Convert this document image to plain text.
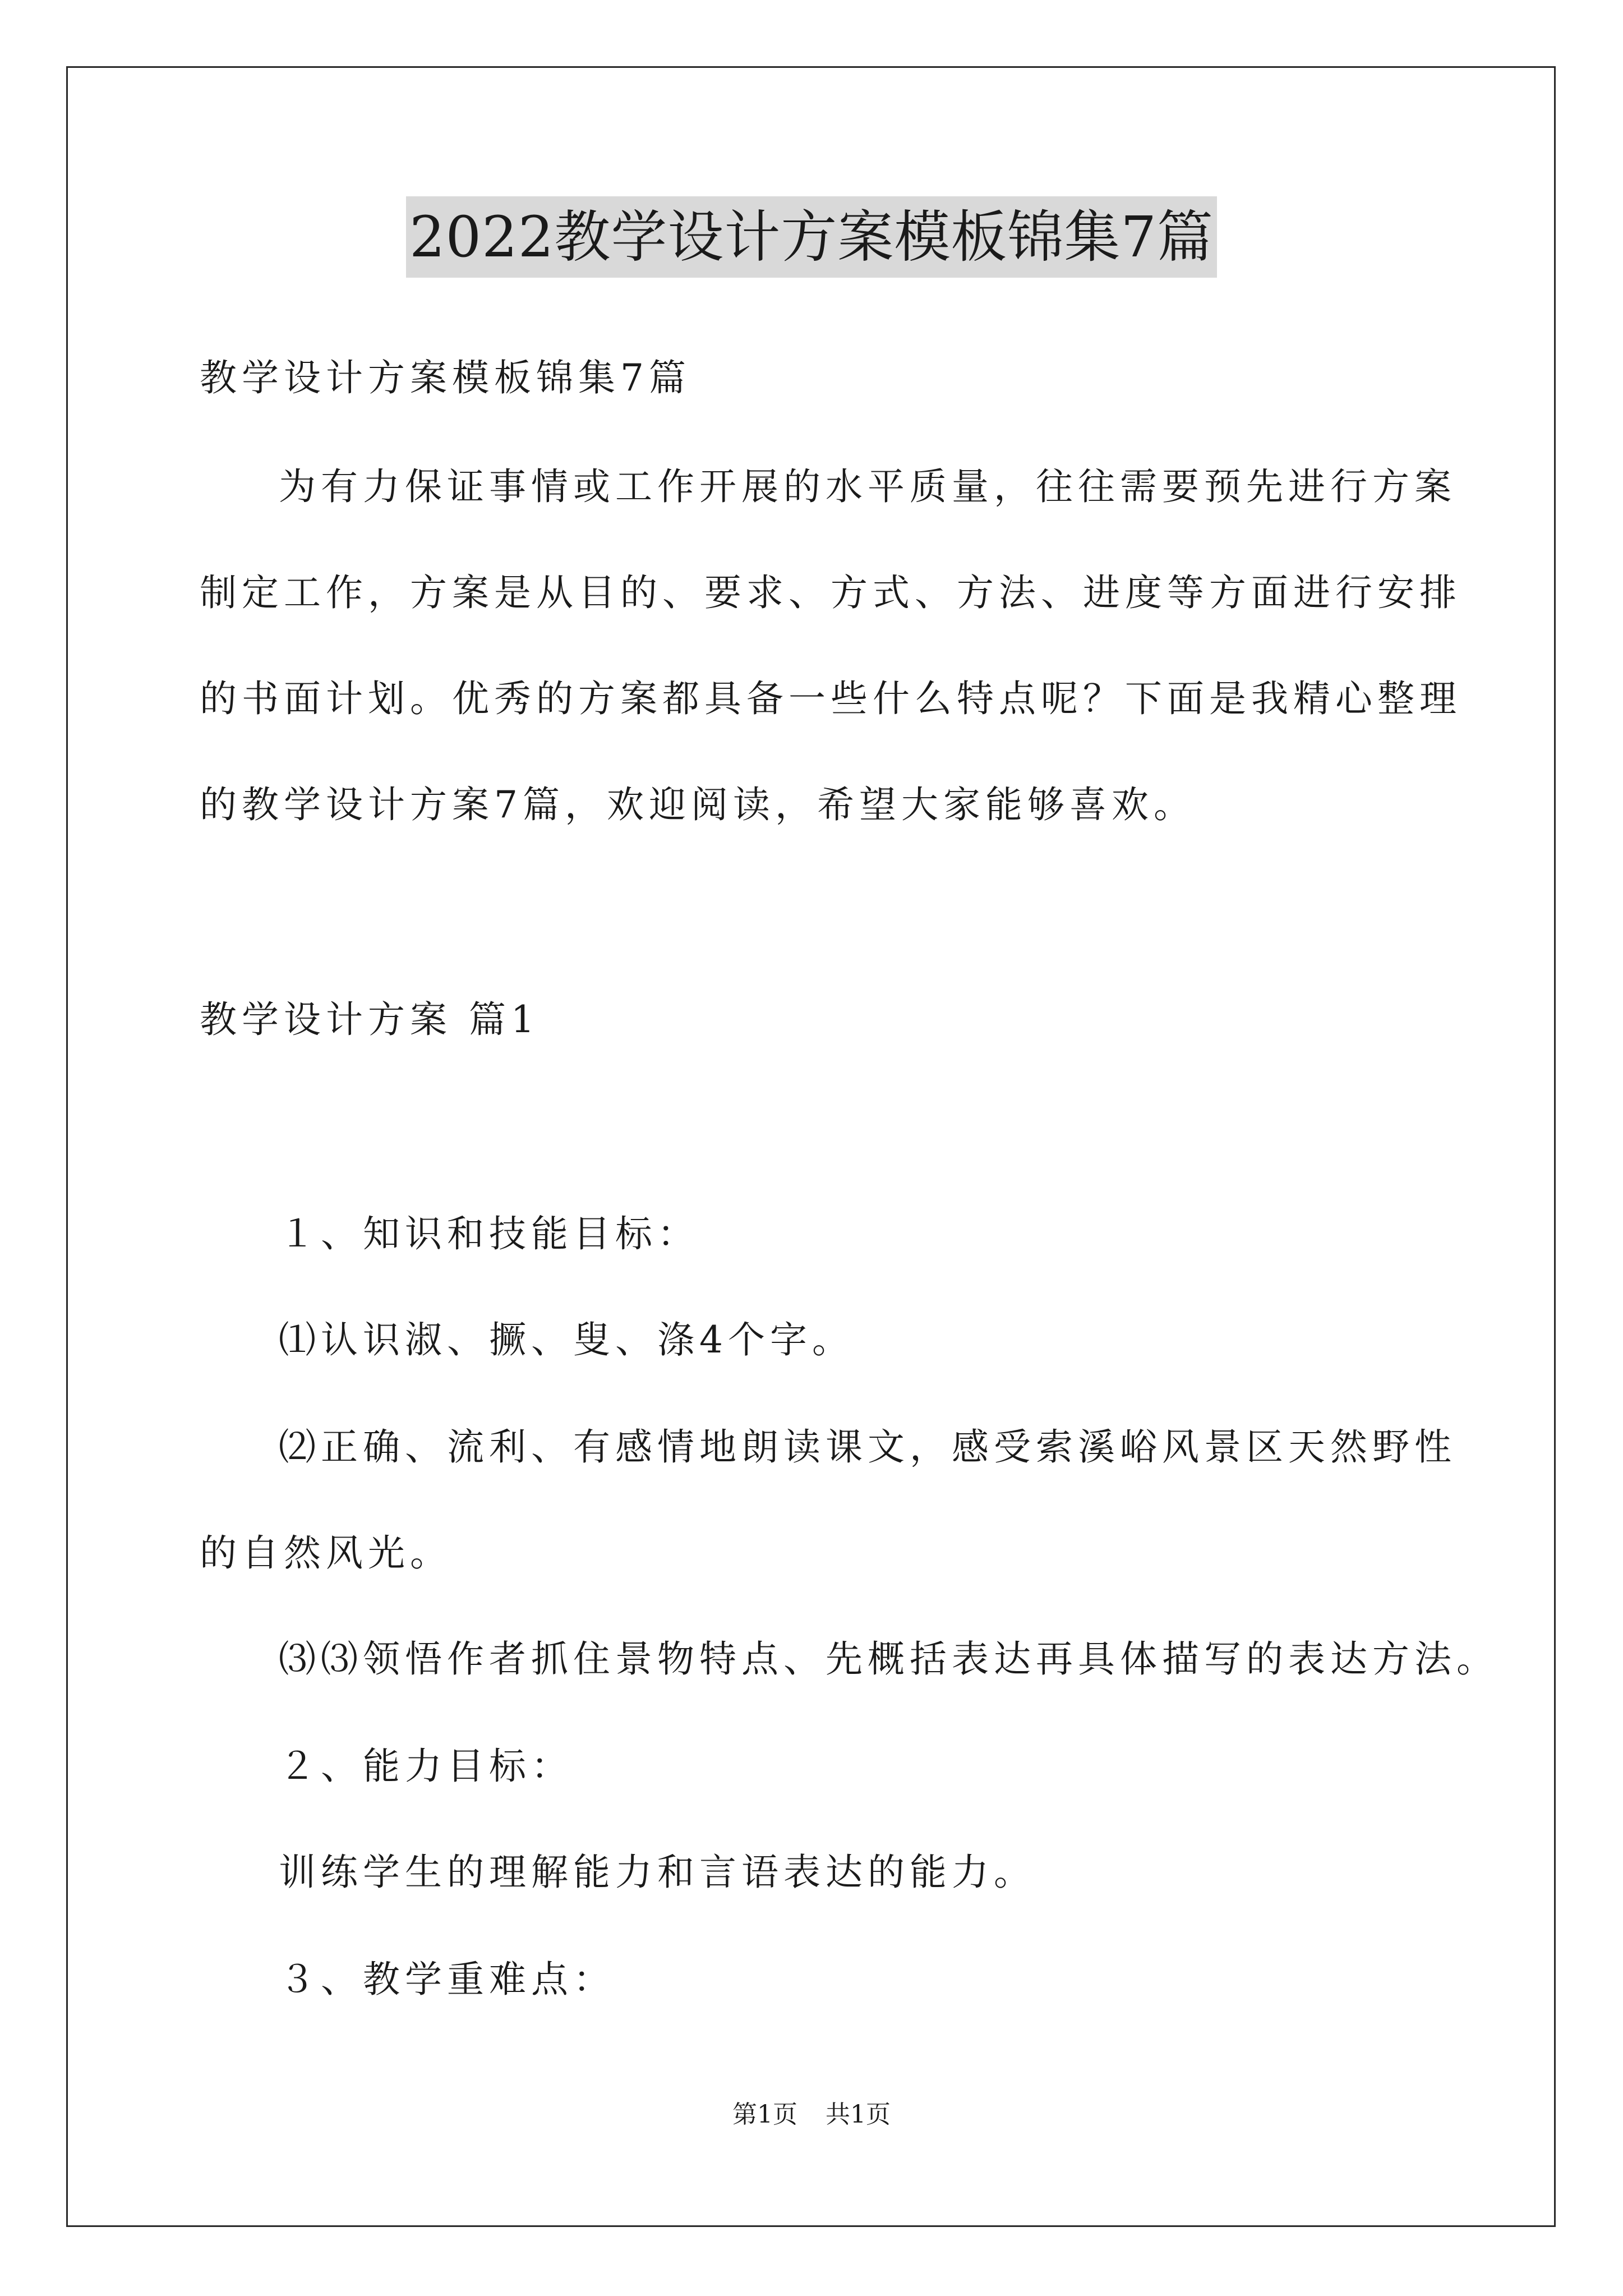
2022教学设计方案模板锦集7篇
教学设计方案模板锦集7篇
为有力保证事情或工作开展的水平质量，往往需要预先进行方案
制定工作，方案是从目的、要求、方式、方法、进度等方面进行安排
的书面计划。优秀的方案都具备一些什么特点呢？下面是我精心整理
的教学设计方案7篇，欢迎阅读，希望大家能够喜欢。
教学设计方案 篇1
１、知识和技能目标：
⑴认识淑、撅、叟、涤4个字。
⑵正确、流利、有感情地朗读课文，感受索溪峪风景区天然野性
的自然风光。
⑶⑶领悟作者抓住景物特点、先概括表达再具体描写的表达方法。
２、能力目标：
训练学生的理解能力和言语表达的能力。
３、教学重难点：
第1页 共1页
